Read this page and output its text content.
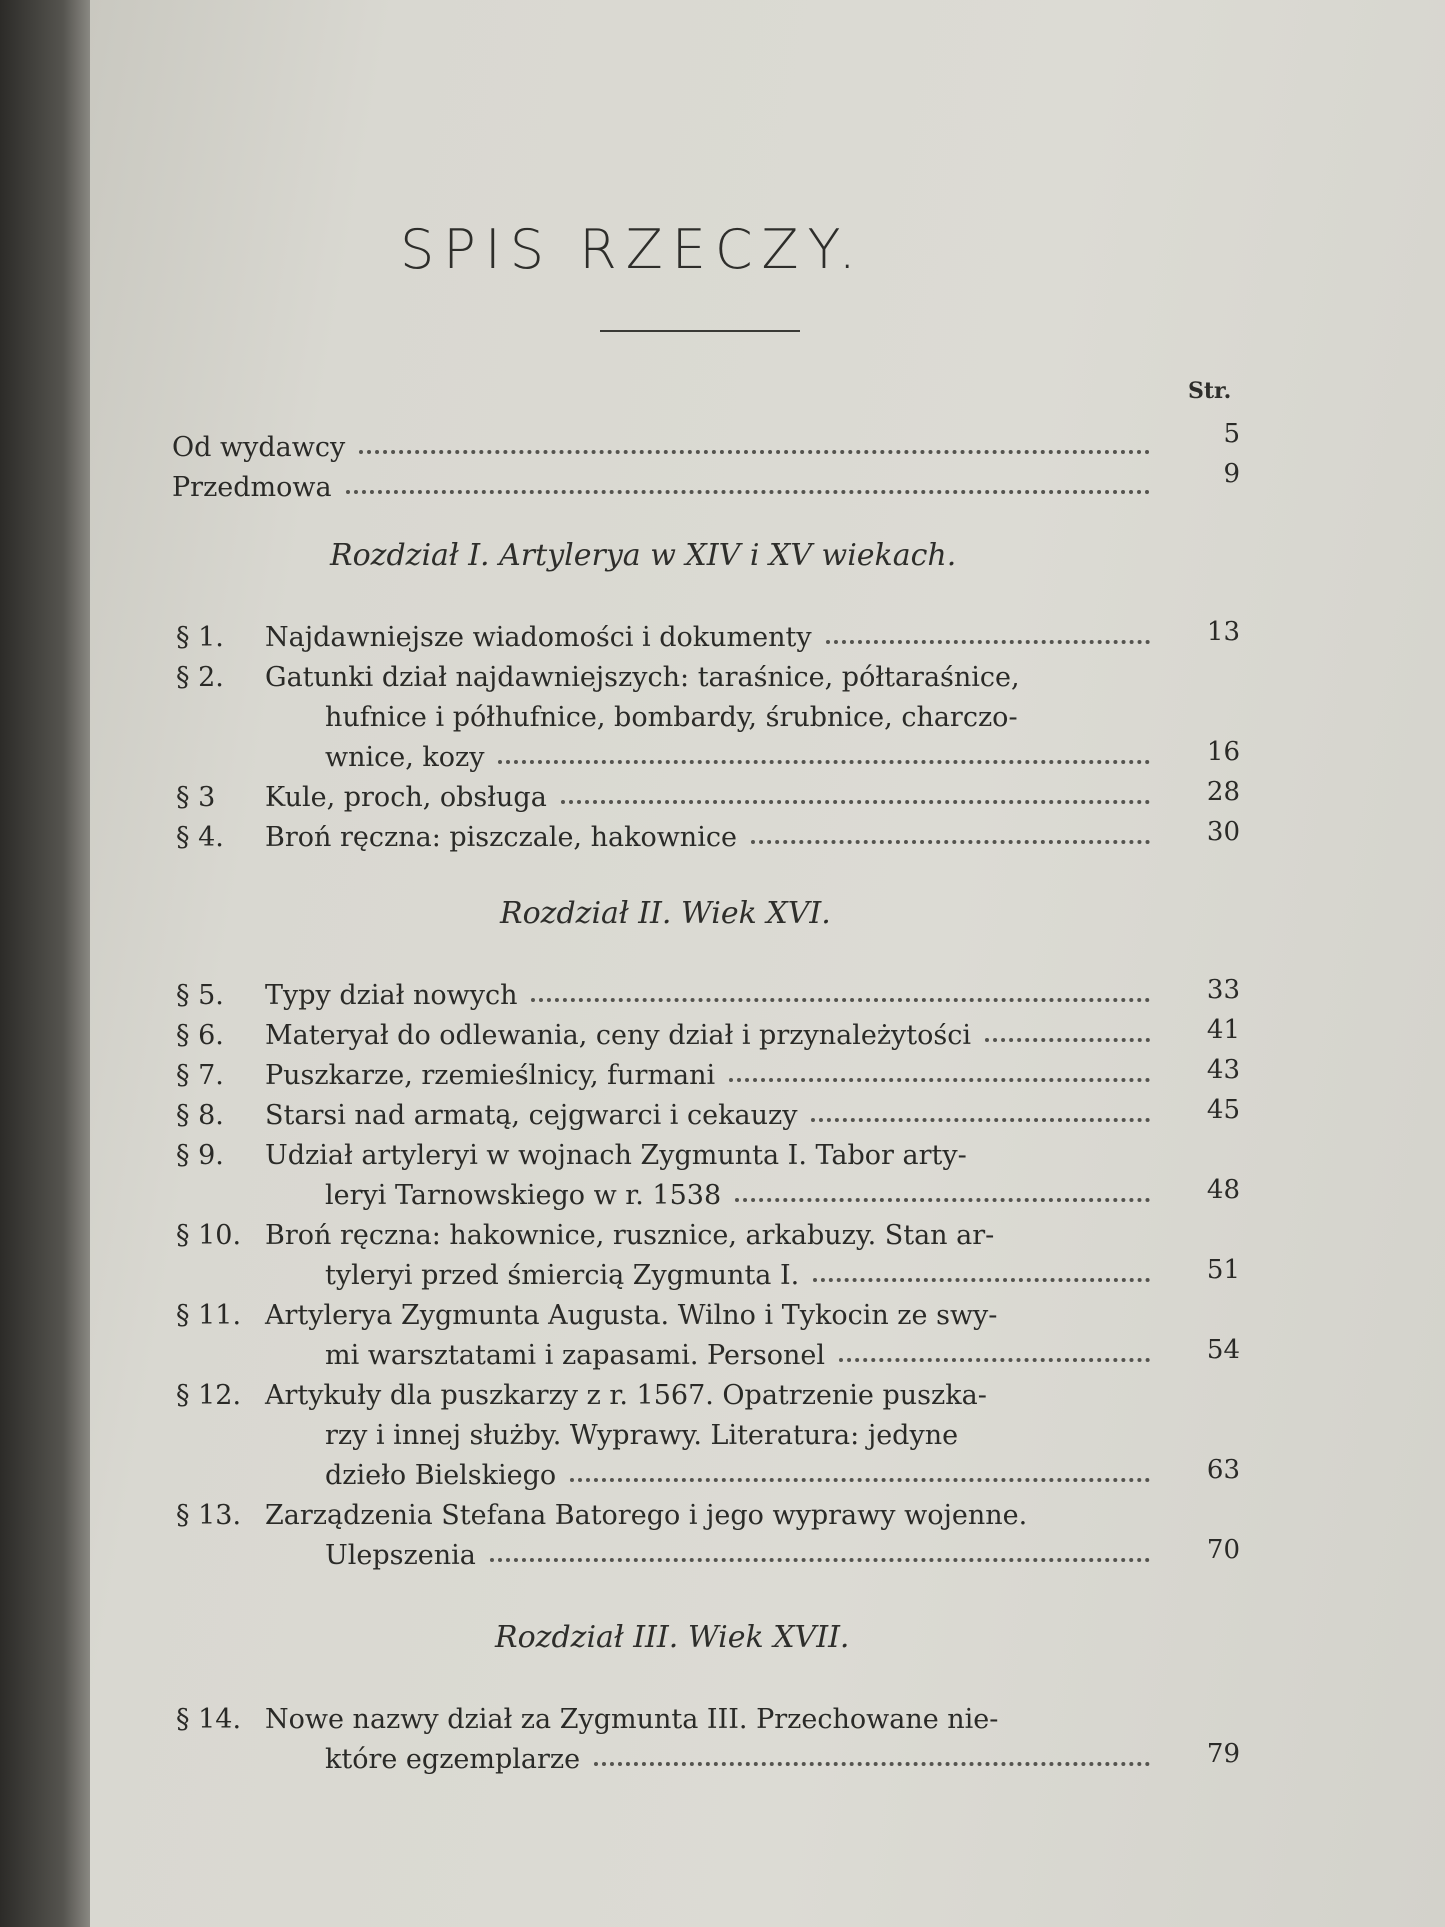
SPIS RZECZY.
Str.
Od wydawcy	5
Przedmowa	9
Rozdział I. Artylerya w XIV i XV wiekach.
§ 1.	Najdawniejsze wiadomości i dokumenty	13
§ 2.	Gatunki dział najdawniejszych: taraśnice, półtaraśnice,
hufnice i półhufnice, bombardy, śrubnice, charczo-
wnice, kozy	16
§ 3	Kule, proch, obsługa	28
§ 4.	Broń ręczna: piszczale, hakownice	30
Rozdział II. Wiek XVI.
§ 5.	Typy dział nowych	33
§ 6.	Materyał do odlewania, ceny dział i przynależytości	41
§ 7.	Puszkarze, rzemieślnicy, furmani	43
§ 8.	Starsi nad armatą, cejgwarci i cekauzy	45
§ 9.	Udział artyleryi w wojnach Zygmunta I. Tabor arty-
leryi Tarnowskiego w r. 1538	48
§ 10. Broń ręczna: hakownice, rusznice, arkabuzy. Stan ar-
tyleryi przed śmiercią Zygmunta I.	51
§ 11. Artylerya Zygmunta Augusta. Wilno i Tykocin ze swy-
mi warsztatami i zapasami. Personel	54
§ 12. Artykuły dla puszkarzy z r. 1567. Opatrzenie puszka-
rzy i innej służby. Wyprawy. Literatura: jedyne
dzieło Bielskiego	63
§ 13. Zarządzenia Stefana Batorego i jego wyprawy wojenne.
Ulepszenia	70
Rozdział III. Wiek XVII.
§ 14. Nowe nazwy dział za Zygmunta III. Przechowane nie-
które egzemplarze	79
